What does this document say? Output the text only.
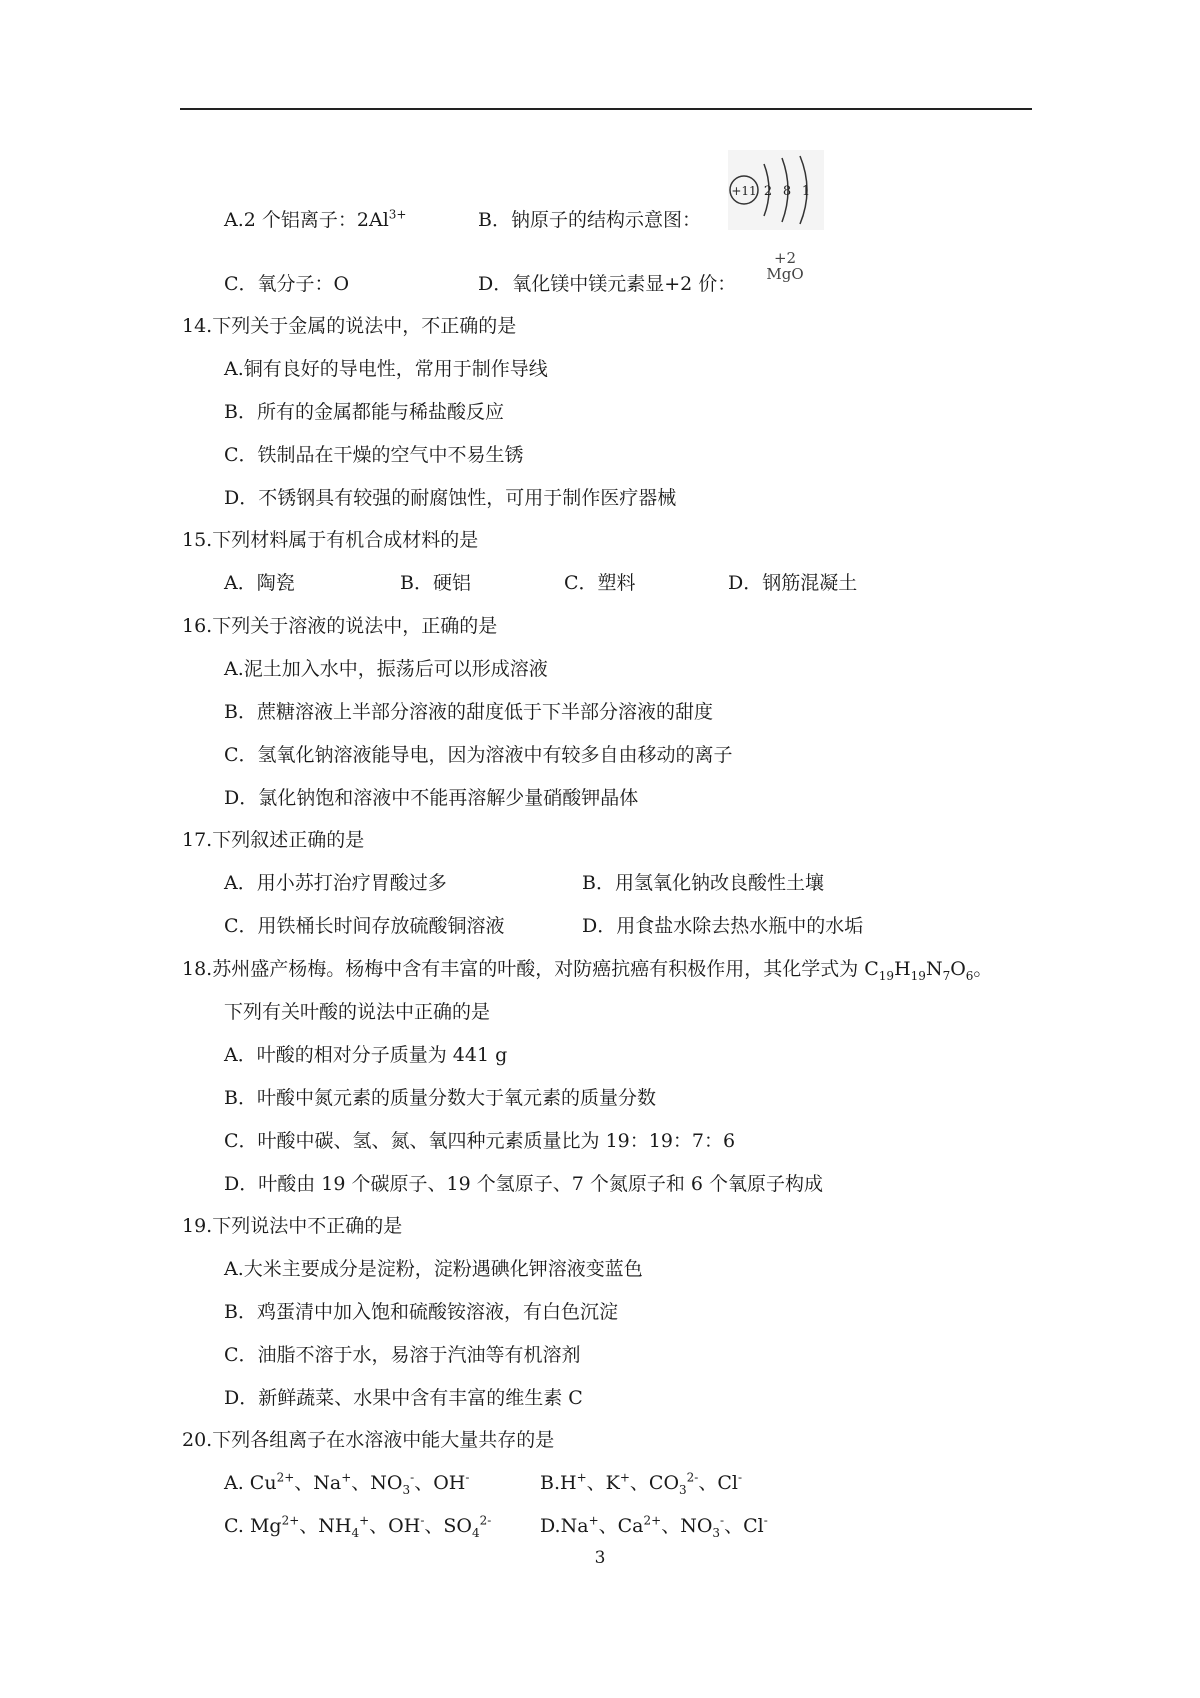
A.2 个铝离子：$2Al^{3+}$	B．钠原子的结构示意图：
+11 2 8 1
C．氧分子：O	D．氧化镁中镁元素显+2 价：
+2
MgO
14.下列关于金属的说法中，不正确的是
A.铜有良好的导电性，常用于制作导线
B．所有的金属都能与稀盐酸反应
C．铁制品在干燥的空气中不易生锈
D．不锈钢具有较强的耐腐蚀性，可用于制作医疗器械
15.下列材料属于有机合成材料的是
A．陶瓷	B．硬铝	C．塑料	D．钢筋混凝土
16.下列关于溶液的说法中，正确的是
A.泥土加入水中，振荡后可以形成溶液
B．蔗糖溶液上半部分溶液的甜度低于下半部分溶液的甜度
C．氢氧化钠溶液能导电，因为溶液中有较多自由移动的离子
D．氯化钠饱和溶液中不能再溶解少量硝酸钾晶体
17.下列叙述正确的是
A．用小苏打治疗胃酸过多	B．用氢氧化钠改良酸性土壤
C．用铁桶长时间存放硫酸铜溶液	D．用食盐水除去热水瓶中的水垢
18.苏州盛产杨梅。杨梅中含有丰富的叶酸，对防癌抗癌有积极作用，其化学式为 $C_{19}H_{19}N_7O_6$。
下列有关叶酸的说法中正确的是
A．叶酸的相对分子质量为 441 g
B．叶酸中氮元素的质量分数大于氧元素的质量分数
C．叶酸中碳、氢、氮、氧四种元素质量比为 19：19：7：6
D．叶酸由 19 个碳原子、19 个氢原子、7 个氮原子和 6 个氧原子构成
19.下列说法中不正确的是
A.大米主要成分是淀粉，淀粉遇碘化钾溶液变蓝色
B．鸡蛋清中加入饱和硫酸铵溶液，有白色沉淀
C．油脂不溶于水，易溶于汽油等有机溶剂
D．新鲜蔬菜、水果中含有丰富的维生素 C
20.下列各组离子在水溶液中能大量共存的是
A. $Cu^{2+}$、Na+、$NO_3^-$、OH-	B.H+、K+、$CO_3^{2-}$、Cl-
C. $Mg^{2+}$、$NH_4^+$、OH-、$SO_4^{2-}$	D.Na+、$Ca^{2+}$、$NO_3^-$、Cl-
3
